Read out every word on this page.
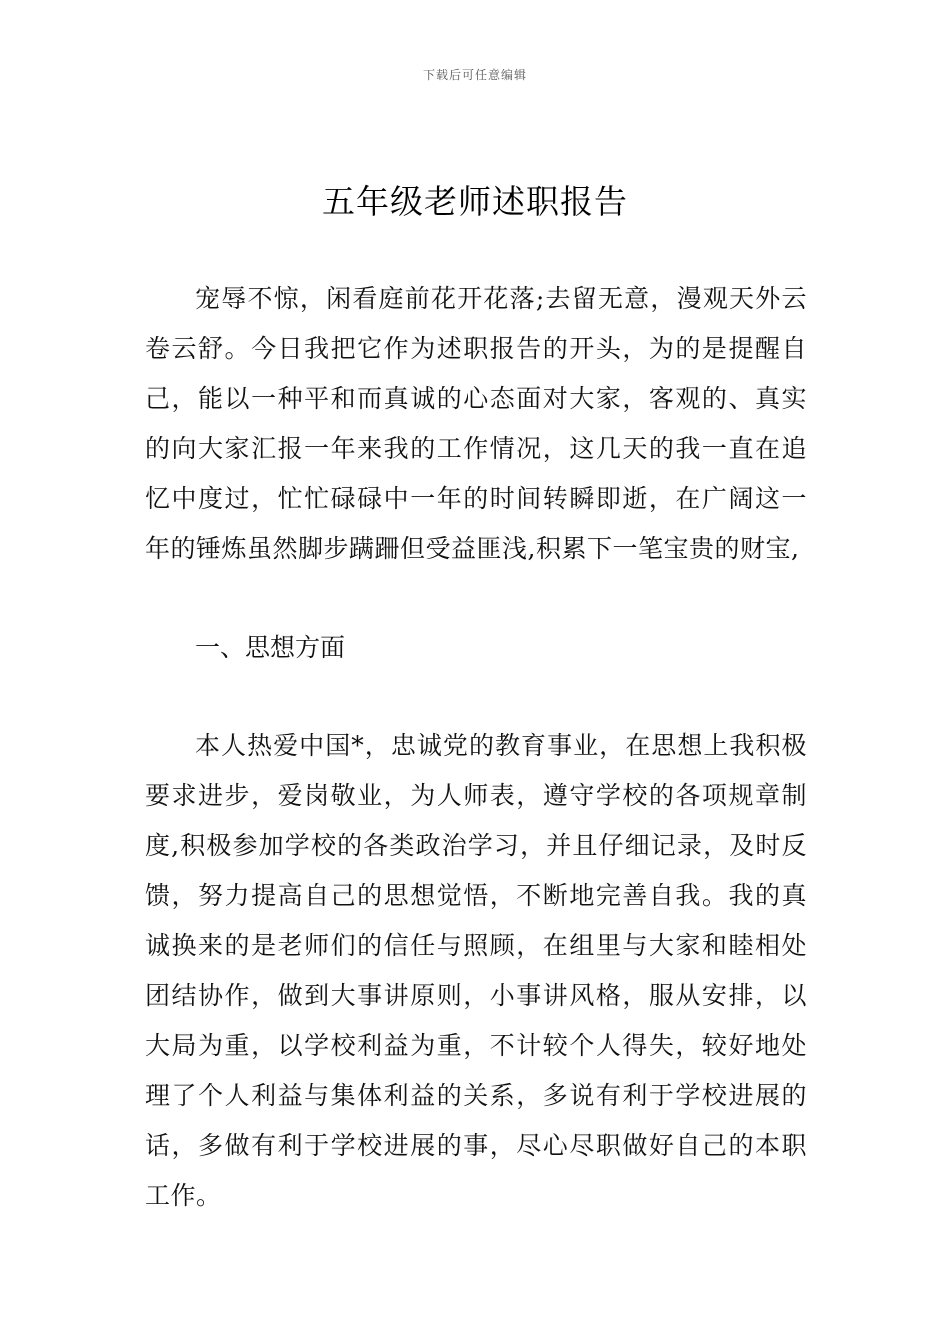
下载后可任意编辑
五年级老师述职报告

宠辱不惊，闲看庭前花开花落;去留无意，漫观天外云卷云舒。今日我把它作为述职报告的开头，为的是提醒自己，能以一种平和而真诚的心态面对大家，客观的、真实的向大家汇报一年来我的工作情况，这几天的我一直在追忆中度过，忙忙碌碌中一年的时间转瞬即逝，在广阔这一年的锤炼虽然脚步蹒跚但受益匪浅,积累下一笔宝贵的财宝,

一、思想方面

本人热爱中国*，忠诚党的教育事业，在思想上我积极要求进步，爱岗敬业，为人师表，遵守学校的各项规章制度,积极参加学校的各类政治学习，并且仔细记录，及时反馈，努力提高自己的思想觉悟，不断地完善自我。我的真诚换来的是老师们的信任与照顾，在组里与大家和睦相处团结协作，做到大事讲原则，小事讲风格，服从安排，以大局为重，以学校利益为重，不计较个人得失，较好地处理了个人利益与集体利益的关系，多说有利于学校进展的话，多做有利于学校进展的事，尽心尽职做好自己的本职工作。
